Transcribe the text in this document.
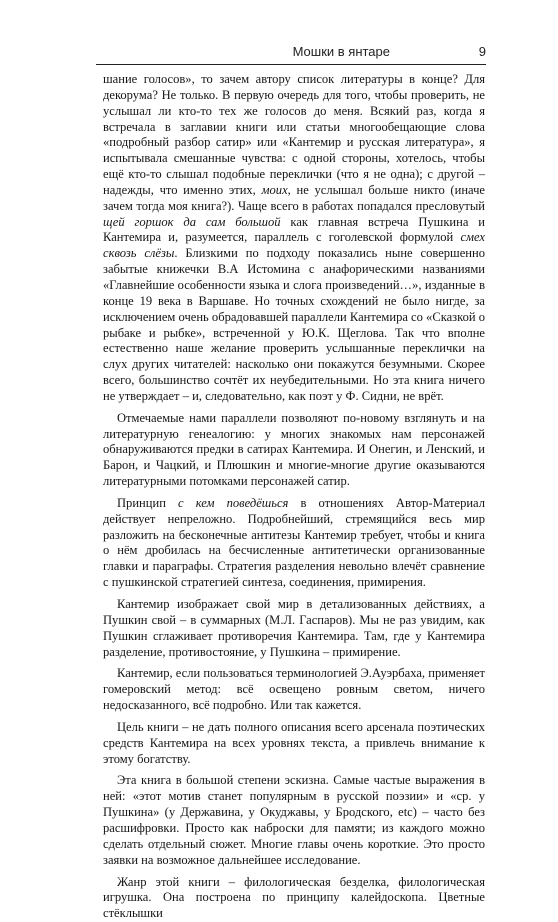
Мошки в янтаре	9

шание голосов», то зачем автору список литературы в конце? Для декорума? Не только. В первую очередь для того, чтобы проверить, не услышал ли кто-то тех же голосов до меня. Всякий раз, когда я встречала в заглавии книги или статьи многообещающие слова «подробный разбор сатир» или «Кантемир и русская литература», я испытывала смешанные чувства: с одной стороны, хотелось, чтобы ещё кто-то слышал подобные переклички (что я не одна); с другой – надежды, что именно этих, моих, не услышал больше никто (иначе зачем тогда моя книга?). Чаще всего в работах попадался пресловутый щей горшок да сам большой как главная встреча Пушкина и Кантемира и, разумеется, параллель с гоголевской формулой смех сквозь слёзы. Близкими по подходу показались ныне совершенно забытые книжечки В.А Истомина с анафорическими названиями «Главнейшие особенности языка и слога произведений…», изданные в конце 19 века в Варшаве. Но точных схождений не было нигде, за исключением очень обрадовавшей параллели Кантемира со «Сказкой о рыбаке и рыбке», встреченной у Ю.К. Щеглова. Так что вполне естественно наше желание проверить услышанные переклички на слух других читателей: насколько они покажутся безумными. Скорее всего, большинство сочтёт их неубедительными. Но эта книга ничего не утверждает – и, следовательно, как поэт у Ф. Сидни, не врёт.

Отмечаемые нами параллели позволяют по-новому взглянуть и на литературную генеалогию: у многих знакомых нам персонажей обнаруживаются предки в сатирах Кантемира. И Онегин, и Ленский, и Барон, и Чацкий, и Плюшкин и многие-многие другие оказываются литературными потомками персонажей сатир.

Принцип с кем поведёшься в отношениях Автор-Материал действует непреложно. Подробнейший, стремящийся весь мир разложить на бесконечные антитезы Кантемир требует, чтобы и книга о нём дробилась на бесчисленные антитетически организованные главки и параграфы. Стратегия разделения невольно влечёт сравнение с пушкинской стратегией синтеза, соединения, примирения.

Кантемир изображает свой мир в детализованных действиях, а Пушкин свой – в суммарных (М.Л. Гаспаров). Мы не раз увидим, как Пушкин сглаживает противоречия Кантемира. Там, где у Кантемира разделение, противостояние, у Пушкина – примирение.

Кантемир, если пользоваться терминологией Э.Ауэрбаха, применяет гомеровский метод: всё освещено ровным светом, ничего недосказанного, всё подробно. Или так кажется.

Цель книги – не дать полного описания всего арсенала поэтических средств Кантемира на всех уровнях текста, а привлечь внимание к этому богатству.

Эта книга в большой степени эскизна. Самые частые выражения в ней: «этот мотив станет популярным в русской поэзии» и «ср. у Пушкина» (у Державина, у Окуджавы, у Бродского, etc) – часто без расшифровки. Просто как наброски для памяти; из каждого можно сделать отдельный сюжет. Многие главы очень короткие. Это просто заявки на возможное дальнейшее исследование.

Жанр этой книги – филологическая безделка, филологическая игрушка. Она построена по принципу калейдоскопа. Цветные стёклышки
